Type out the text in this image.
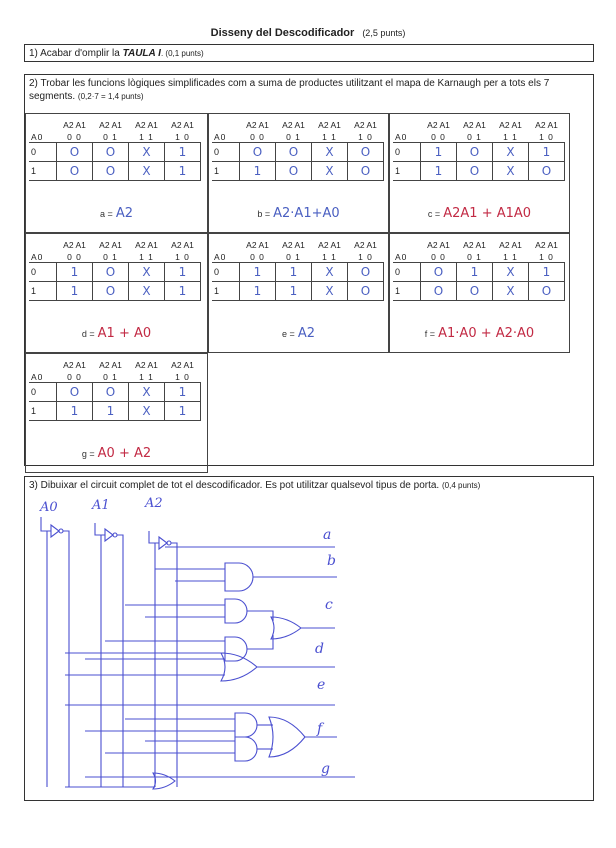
Disseny del Descodificador (2,5 punts)
1) Acabar d'omplir la TAULA I. (0,1 punts)
2) Trobar les funcions lògiques simplificades com a suma de productes utilitzant el mapa de Karnaugh per a tots els 7 segments. (0,2·7 = 1,4 punts)
	A2 A1	A2 A1	A2 A1	A2 A1
A0	0 0	0 1	1 1	1 0
0	O	O	X	1
1	O	O	X	1
a = A2
	A2 A1	A2 A1	A2 A1	A2 A1
A0	0 0	0 1	1 1	1 0
0	O	O	X	O
1	1	O	X	O
b = A2·A1+A0
	A2 A1	A2 A1	A2 A1	A2 A1
A0	0 0	0 1	1 1	1 0
0	1	O	X	1
1	1	O	X	O
c = A2A1 + A1A0
	A2 A1	A2 A1	A2 A1	A2 A1
A0	0 0	0 1	1 1	1 0
0	1	O	X	1
1	1	O	X	1
d = A1 + A0
	A2 A1	A2 A1	A2 A1	A2 A1
A0	0 0	0 1	1 1	1 0
0	1	1	X	O
1	1	1	X	O
e = A2
	A2 A1	A2 A1	A2 A1	A2 A1
A0	0 0	0 1	1 1	1 0
0	O	1	X	1
1	O	O	X	O
f = A1·A0 + A2·A0
	A2 A1	A2 A1	A2 A1	A2 A1
A0	0 0	0 1	1 1	1 0
0	O	O	X	1
1	1	1	X	1
g = A0 + A2
3) Dibuixar el circuit complet de tot el descodificador. Es pot utilitzar qualsevol tipus de porta. (0,4 punts)
A0	A1	A2
a
b
c
d
e
f
g
